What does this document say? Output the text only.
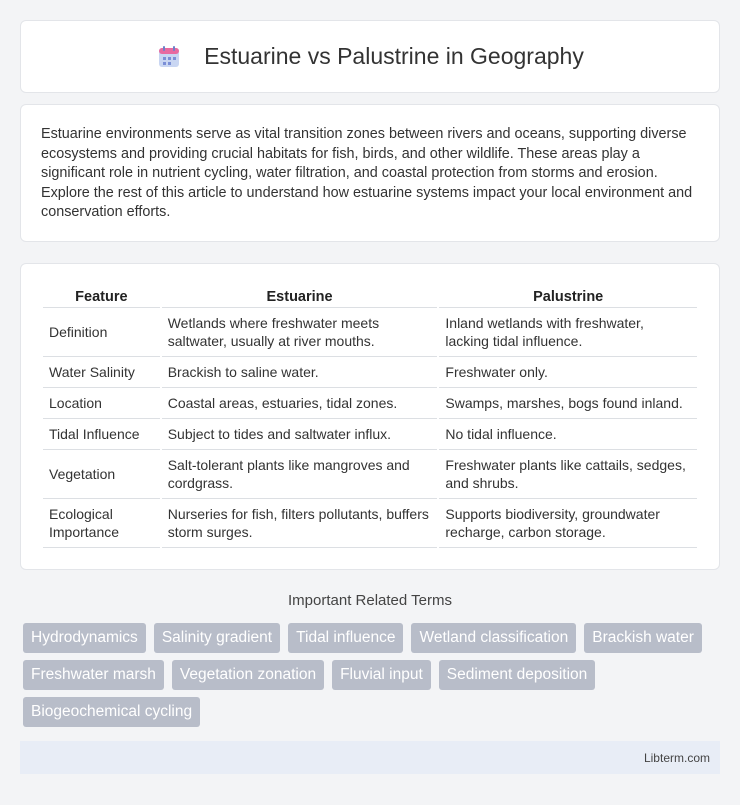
Estuarine vs Palustrine in Geography

Estuarine environments serve as vital transition zones between rivers and oceans, supporting diverse ecosystems and providing crucial habitats for fish, birds, and other wildlife. These areas play a significant role in nutrient cycling, water filtration, and coastal protection from storms and erosion. Explore the rest of this article to understand how estuarine systems impact your local environment and conservation efforts.

Feature	Estuarine	Palustrine
Definition	Wetlands where freshwater meets saltwater, usually at river mouths.	Inland wetlands with freshwater, lacking tidal influence.
Water Salinity	Brackish to saline water.	Freshwater only.
Location	Coastal areas, estuaries, tidal zones.	Swamps, marshes, bogs found inland.
Tidal Influence	Subject to tides and saltwater influx.	No tidal influence.
Vegetation	Salt-tolerant plants like mangroves and cordgrass.	Freshwater plants like cattails, sedges, and shrubs.
Ecological Importance	Nurseries for fish, filters pollutants, buffers storm surges.	Supports biodiversity, groundwater recharge, carbon storage.
Important Related Terms
Hydrodynamics	Salinity gradient	Tidal influence	Wetland classification	Brackish water
Freshwater marsh	Vegetation zonation	Fluvial input	Sediment deposition
Biogeochemical cycling
Libterm.com
